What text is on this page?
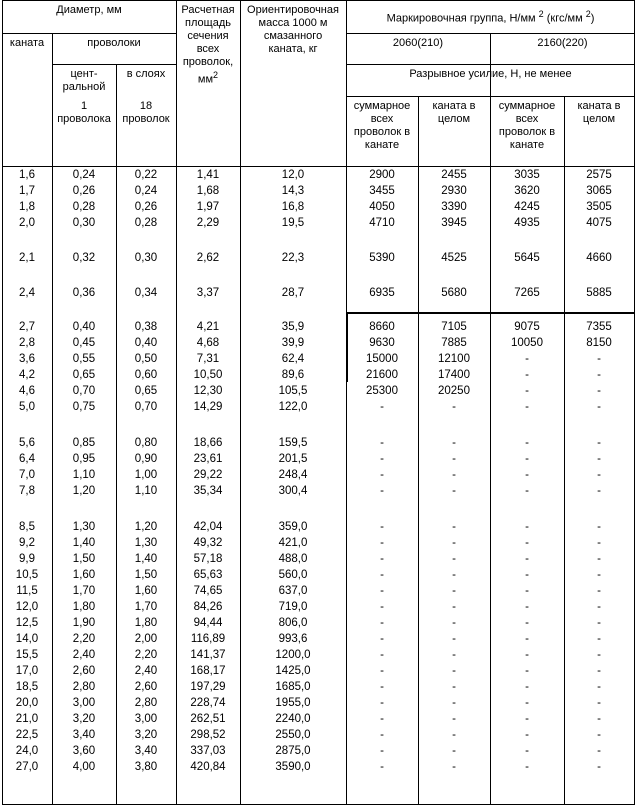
Диаметр, мм
каната	проволоки
цент-
ральной
в слоях
1
проволока
18
проволок
Расчетная
площадь
сечения
всех
проволок,
$мм^2$
Ориентировочная
масса 1000 м
смазанного
каната, кг
Маркировочная группа, Н/мм $^2$ (кгс/мм $^2$)
2060(210)	2160(220)
Разрывное усилие, Н, не менее
суммарное
всех
проволок в
канате
каната в
целом
суммарное
всех
проволок в
канате
каната в
целом
1,6	0,24	0,22	1,41	12,0	2900	2455	3035	2575
1,7	0,26	0,24	1,68	14,3	3455	2930	3620	3065
1,8	0,28	0,26	1,97	16,8	4050	3390	4245	3505
2,0	0,30	0,28	2,29	19,5	4710	3945	4935	4075
2,1	0,32	0,30	2,62	22,3	5390	4525	5645	4660
2,4	0,36	0,34	3,37	28,7	6935	5680	7265	5885
2,7	0,40	0,38	4,21	35,9	8660	7105	9075	7355
2,8	0,45	0,40	4,68	39,9	9630	7885	10050	8150
3,6	0,55	0,50	7,31	62,4	15000	12100	-	-
4,2	0,65	0,60	10,50	89,6	21600	17400	-	-
4,6	0,70	0,65	12,30	105,5	25300	20250	-	-
5,0	0,75	0,70	14,29	122,0	-	-	-	-
5,6	0,85	0,80	18,66	159,5	-	-	-	-
6,4	0,95	0,90	23,61	201,5	-	-	-	-
7,0	1,10	1,00	29,22	248,4	-	-	-	-
7,8	1,20	1,10	35,34	300,4	-	-	-	-
8,5	1,30	1,20	42,04	359,0	-	-	-	-
9,2	1,40	1,30	49,32	421,0	-	-	-	-
9,9	1,50	1,40	57,18	488,0	-	-	-	-
10,5	1,60	1,50	65,63	560,0	-	-	-	-
11,5	1,70	1,60	74,65	637,0	-	-	-	-
12,0	1,80	1,70	84,26	719,0	-	-	-	-
12,5	1,90	1,80	94,44	806,0	-	-	-	-
14,0	2,20	2,00	116,89	993,6	-	-	-	-
15,5	2,40	2,20	141,37	1200,0	-	-	-	-
17,0	2,60	2,40	168,17	1425,0	-	-	-	-
18,5	2,80	2,60	197,29	1685,0	-	-	-	-
20,0	3,00	2,80	228,74	1955,0	-	-	-	-
21,0	3,20	3,00	262,51	2240,0	-	-	-	-
22,5	3,40	3,20	298,52	2550,0	-	-	-	-
24,0	3,60	3,40	337,03	2875,0	-	-	-	-
27,0	4,00	3,80	420,84	3590,0	-	-	-	-
